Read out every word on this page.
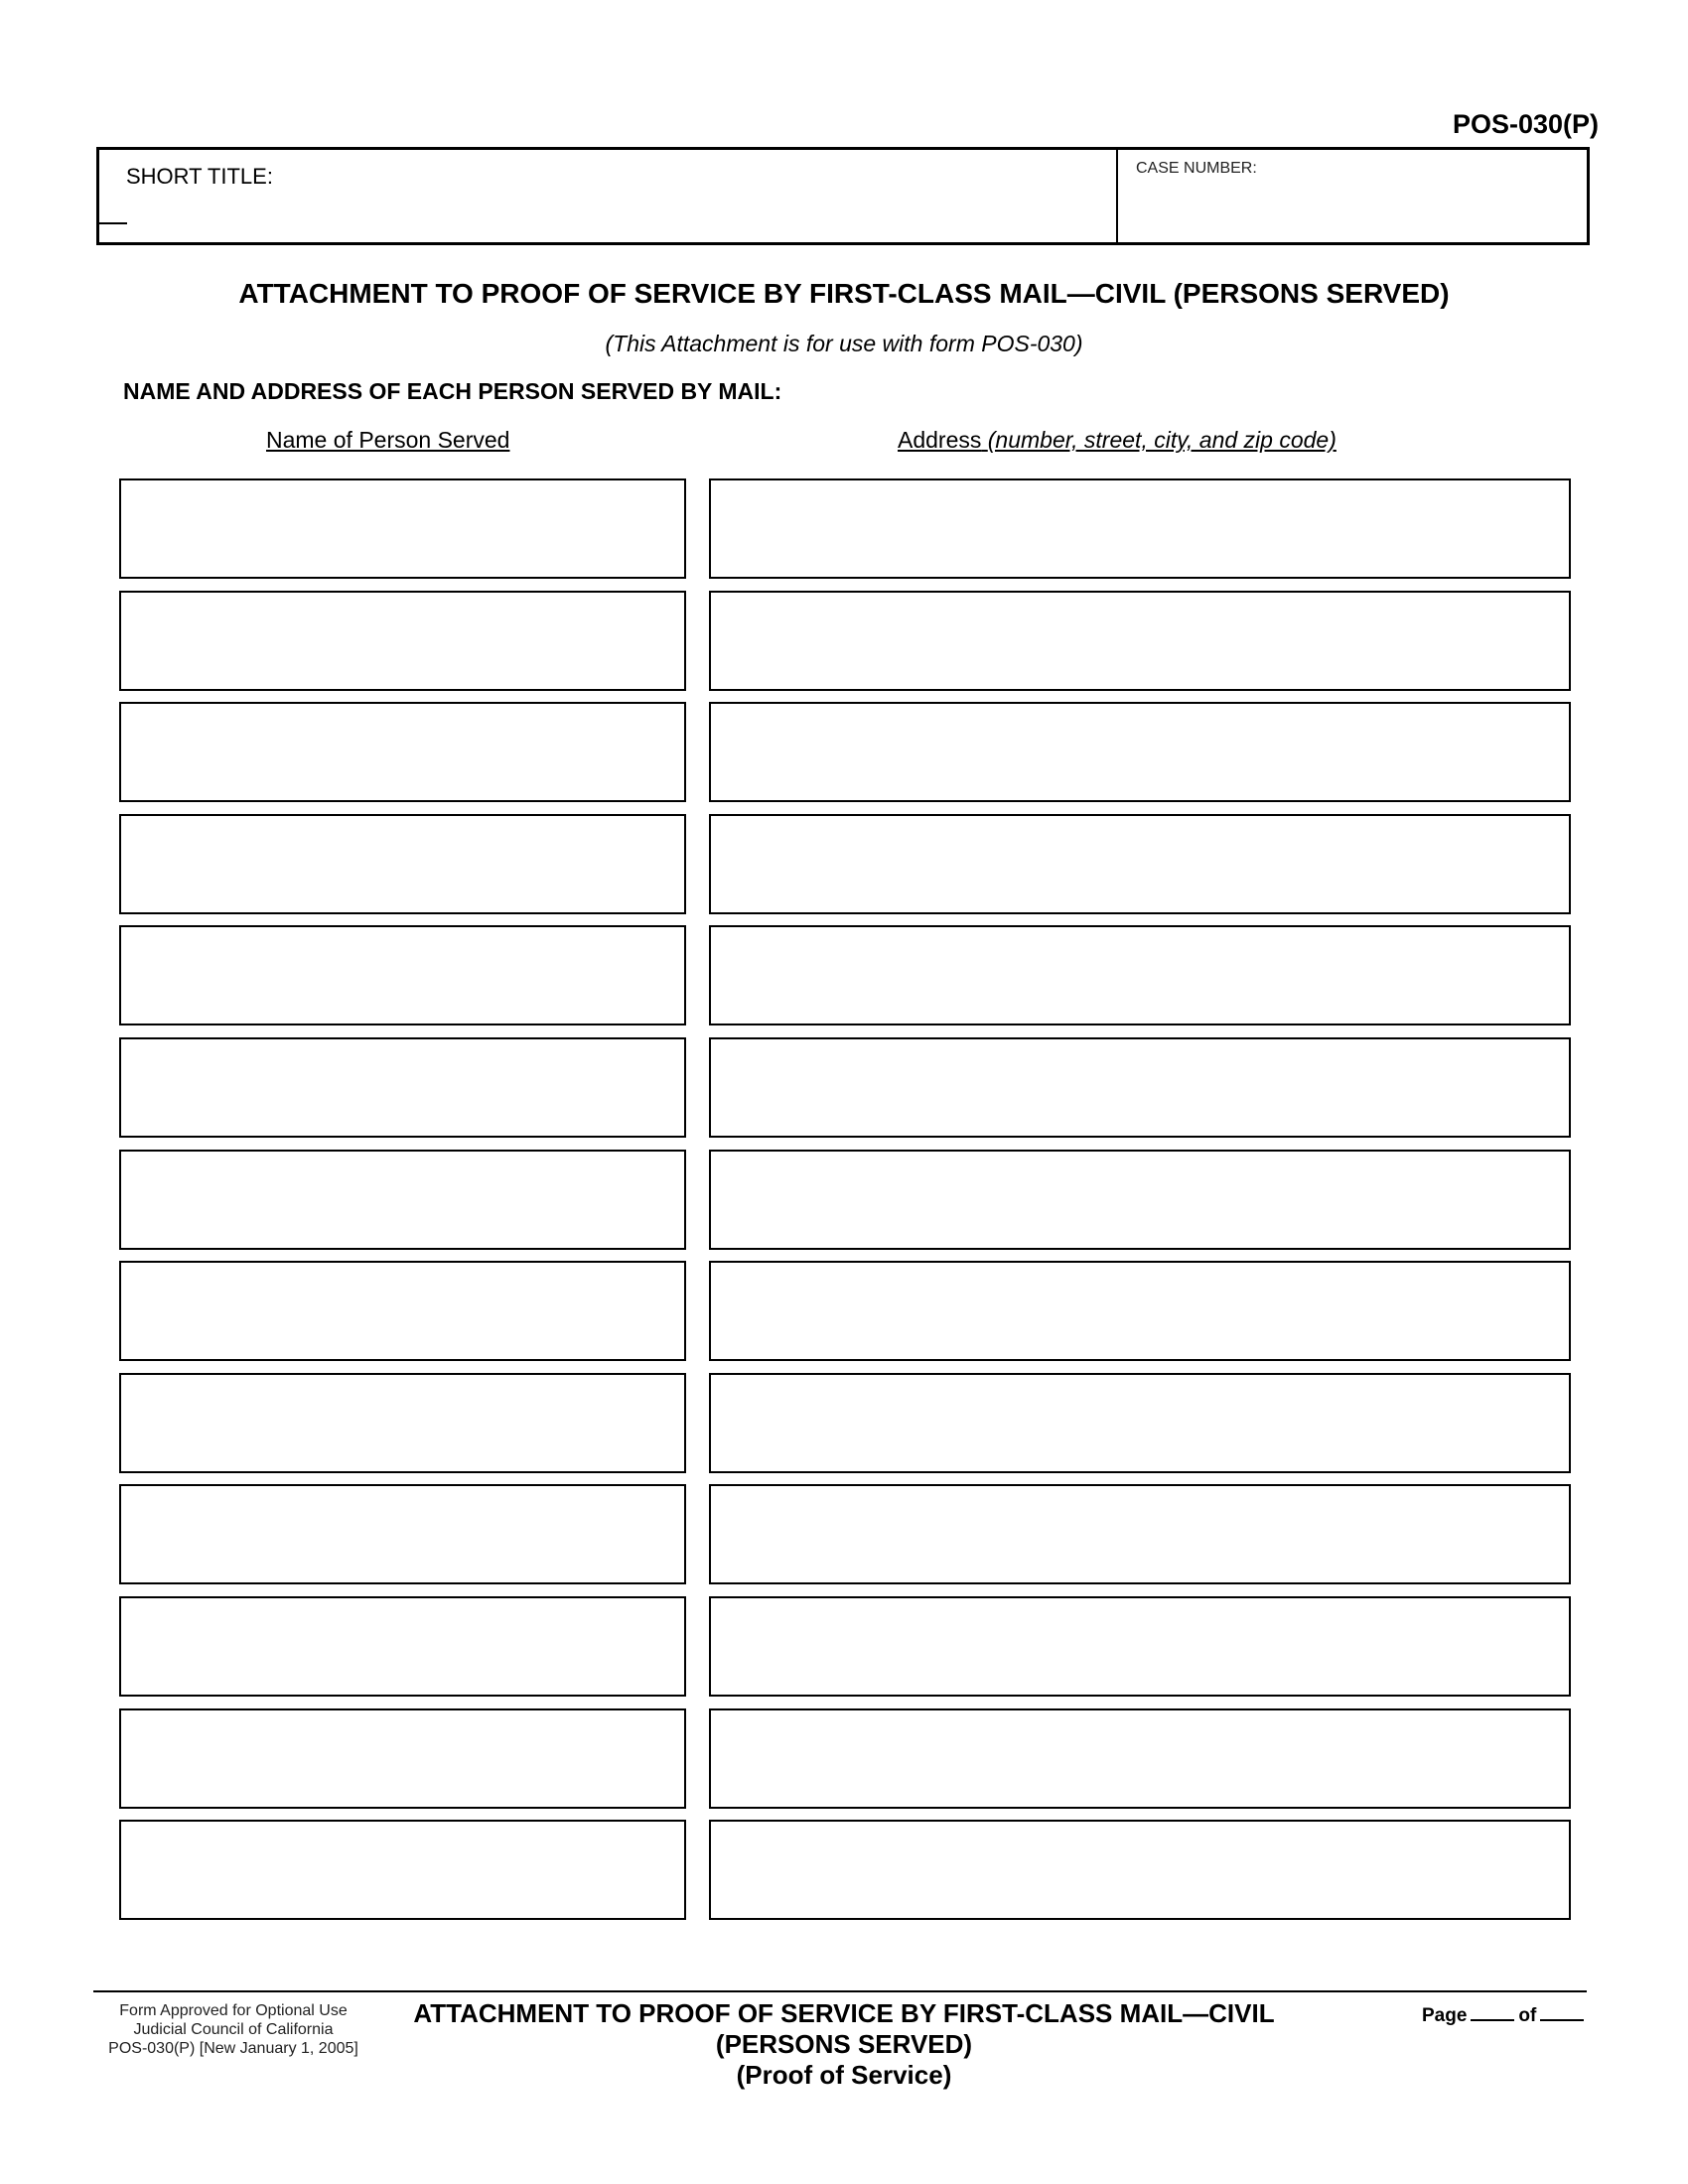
POS-030(P)
SHORT TITLE:	CASE NUMBER:
ATTACHMENT TO PROOF OF SERVICE BY FIRST-CLASS MAIL—CIVIL (PERSONS SERVED)
(This Attachment is for use with form POS-030)
NAME AND ADDRESS OF EACH PERSON SERVED BY MAIL:
Name of Person Served	Address (number, street, city, and zip code)
Form Approved for Optional Use
Judicial Council of California
POS-030(P) [New January 1, 2005]
ATTACHMENT TO PROOF OF SERVICE BY FIRST-CLASS MAIL—CIVIL
(PERSONS SERVED)
(Proof of Service)
Page	of
